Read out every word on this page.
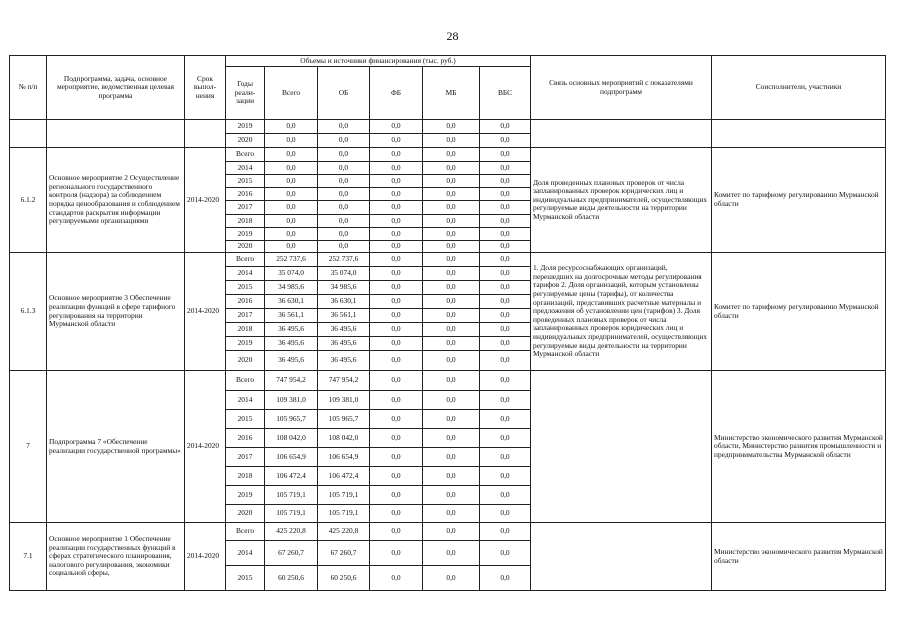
28
№ п/п	Подпрограмма, задача, основное мероприятие, ведомственная целевая программа	Срок выпол-нения	Объемы и источники финансирования (тыс. руб.)						Связь основных мероприятий с показателями подпрограмм	Соисполнители, участники
			Годы реали-зации	Всего	ОБ	ФБ	МБ	ВБС		
			2019	0,0	0,0	0,0	0,0	0,0		
			2020	0,0	0,0	0,0	0,0	0,0		
6.1.2	Основное мероприятие 2 Осуществление регионального государственного контроля (надзора) за соблюдением порядка ценообразования и соблюдением стандартов раскрытия информации регулируемыми организациями	2014-2020	Всего	0,0	0,0	0,0	0,0	0,0	Доля проведенных плановых проверок от числа запланированных проверок юридических лиц и индивидуальных предпринимателей, осуществляющих регулируемые виды деятельности на территории Мурманской области	Комитет по тарифному регулированию Мурманской области
			2014	0,0	0,0	0,0	0,0	0,0		
			2015	0,0	0,0	0,0	0,0	0,0		
			2016	0,0	0,0	0,0	0,0	0,0		
			2017	0,0	0,0	0,0	0,0	0,0		
			2018	0,0	0,0	0,0	0,0	0,0		
			2019	0,0	0,0	0,0	0,0	0,0		
			2020	0,0	0,0	0,0	0,0	0,0		
6.1.3	Основное мероприятие 3 Обеспечение реализации функций в сфере тарифного регулирования на территории Мурманской области	2014-2020	Всего	252 737,6	252 737,6	0,0	0,0	0,0	1. Доля ресурсоснабжающих организаций, перешедших на долгосрочные методы регулирования тарифов 2. Доля организаций, которым установлены регулируемые цены (тарифы), от количества организаций, представивших расчетные материалы и предложения об установлении цен (тарифов) 3. Доля проведенных плановых проверок от числа запланированных проверок юридических лиц и индивидуальных предпринимателей, осуществляющих регулируемые виды деятельности на территории Мурманской области	Комитет по тарифному регулированию Мурманской области
			2014	35 074,0	35 074,0	0,0	0,0	0,0		
			2015	34 985,6	34 985,6	0,0	0,0	0,0		
			2016	36 630,1	36 630,1	0,0	0,0	0,0		
			2017	36 561,1	36 561,1	0,0	0,0	0,0		
			2018	36 495,6	36 495,6	0,0	0,0	0,0		
			2019	36 495,6	36 495,6	0,0	0,0	0,0		
			2020	36 495,6	36 495,6	0,0	0,0	0,0		
7	Подпрограмма 7 «Обеспечение реализации государственной программы»	2014-2020	Всего	747 954,2	747 954,2	0,0	0,0	0,0		Министерство экономического развития Мурманской области, Министерство развития промышленности и предпринимательства Мурманской области
			2014	109 381,0	109 381,0	0,0	0,0	0,0		
			2015	105 965,7	105 965,7	0,0	0,0	0,0		
			2016	108 042,0	108 042,0	0,0	0,0	0,0		
			2017	106 654,9	106 654,9	0,0	0,0	0,0		
			2018	106 472,4	106 472,4	0,0	0,0	0,0		
			2019	105 719,1	105 719,1	0,0	0,0	0,0		
			2020	105 719,1	105 719,1	0,0	0,0	0,0		
7.1	Основное мероприятие 1 Обеспечение реализации государственных функций в сферах стратегического планирования, налогового регулирования, экономики социальной сферы,	2014-2020	Всего	425 220,8	425 220,8	0,0	0,0	0,0		Министерство экономического развития Мурманской области
			2014	67 260,7	67 260,7	0,0	0,0	0,0		
			2015	60 250,6	60 250,6	0,0	0,0	0,0		
